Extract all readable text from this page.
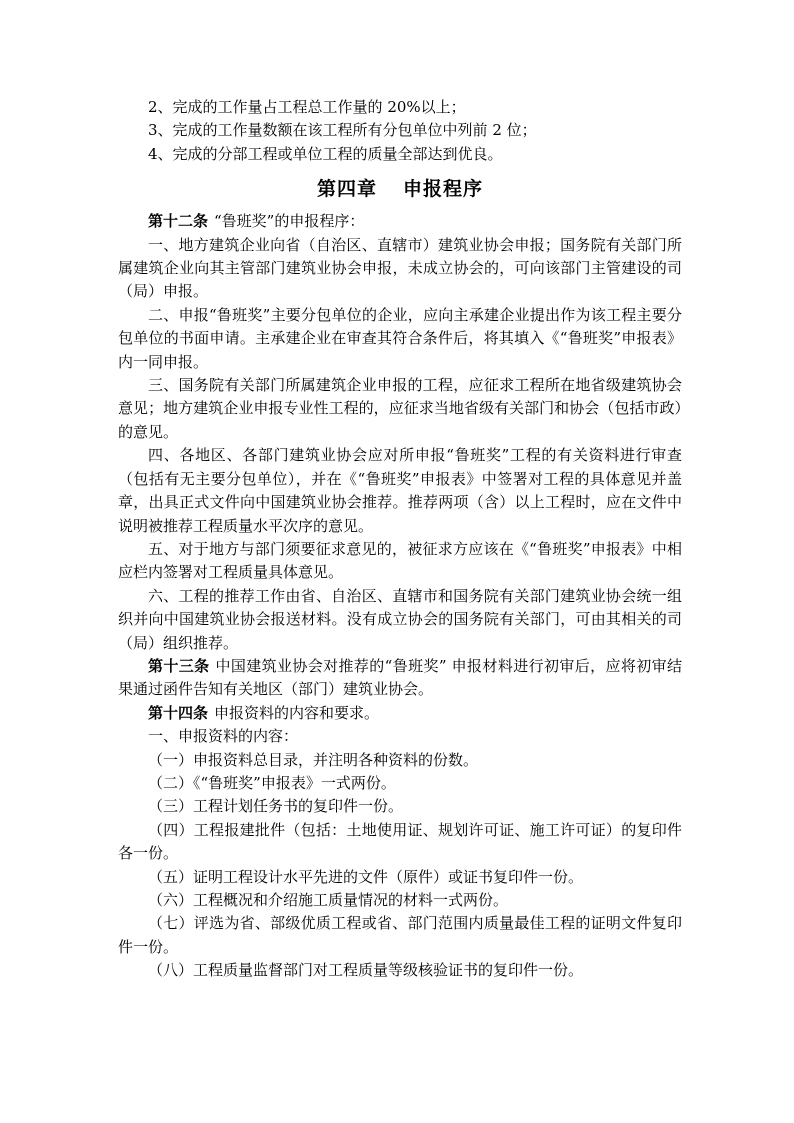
2、完成的工作量占工程总工作量的 20%以上；

3、完成的工作量数额在该工程所有分包单位中列前 2 位；

4、完成的分部工程或单位工程的质量全部达到优良。

第四章 申报程序

第十二条 “鲁班奖”的申报程序：

一、地方建筑企业向省（自治区、直辖市）建筑业协会申报；国务院有关部门所属建筑企业向其主管部门建筑业协会申报，未成立协会的，可向该部门主管建设的司（局）申报。

二、申报“鲁班奖”主要分包单位的企业，应向主承建企业提出作为该工程主要分包单位的书面申请。主承建企业在审查其符合条件后，将其填入《“鲁班奖”申报表》内一同申报。

三、国务院有关部门所属建筑企业申报的工程，应征求工程所在地省级建筑协会意见；地方建筑企业申报专业性工程的，应征求当地省级有关部门和协会（包括市政）的意见。

四、各地区、各部门建筑业协会应对所申报“鲁班奖”工程的有关资料进行审查（包括有无主要分包单位），并在《“鲁班奖”申报表》中签署对工程的具体意见并盖章，出具正式文件向中国建筑业协会推荐。推荐两项（含）以上工程时，应在文件中说明被推荐工程质量水平次序的意见。

五、对于地方与部门须要征求意见的，被征求方应该在《“鲁班奖”申报表》中相应栏内签署对工程质量具体意见。

六、工程的推荐工作由省、自治区、直辖市和国务院有关部门建筑业协会统一组织并向中国建筑业协会报送材料。没有成立协会的国务院有关部门，可由其相关的司（局）组织推荐。

第十三条 中国建筑业协会对推荐的“鲁班奖” 申报材料进行初审后，应将初审结果通过函件告知有关地区（部门）建筑业协会。

第十四条 申报资料的内容和要求。

一、申报资料的内容：

（一）申报资料总目录，并注明各种资料的份数。

（二）《“鲁班奖”申报表》一式两份。

（三）工程计划任务书的复印件一份。

（四）工程报建批件（包括：土地使用证、规划许可证、施工许可证）的复印件各一份。

（五）证明工程设计水平先进的文件（原件）或证书复印件一份。

（六）工程概况和介绍施工质量情况的材料一式两份。

（七）评选为省、部级优质工程或省、部门范围内质量最佳工程的证明文件复印件一份。

（八）工程质量监督部门对工程质量等级核验证书的复印件一份。
